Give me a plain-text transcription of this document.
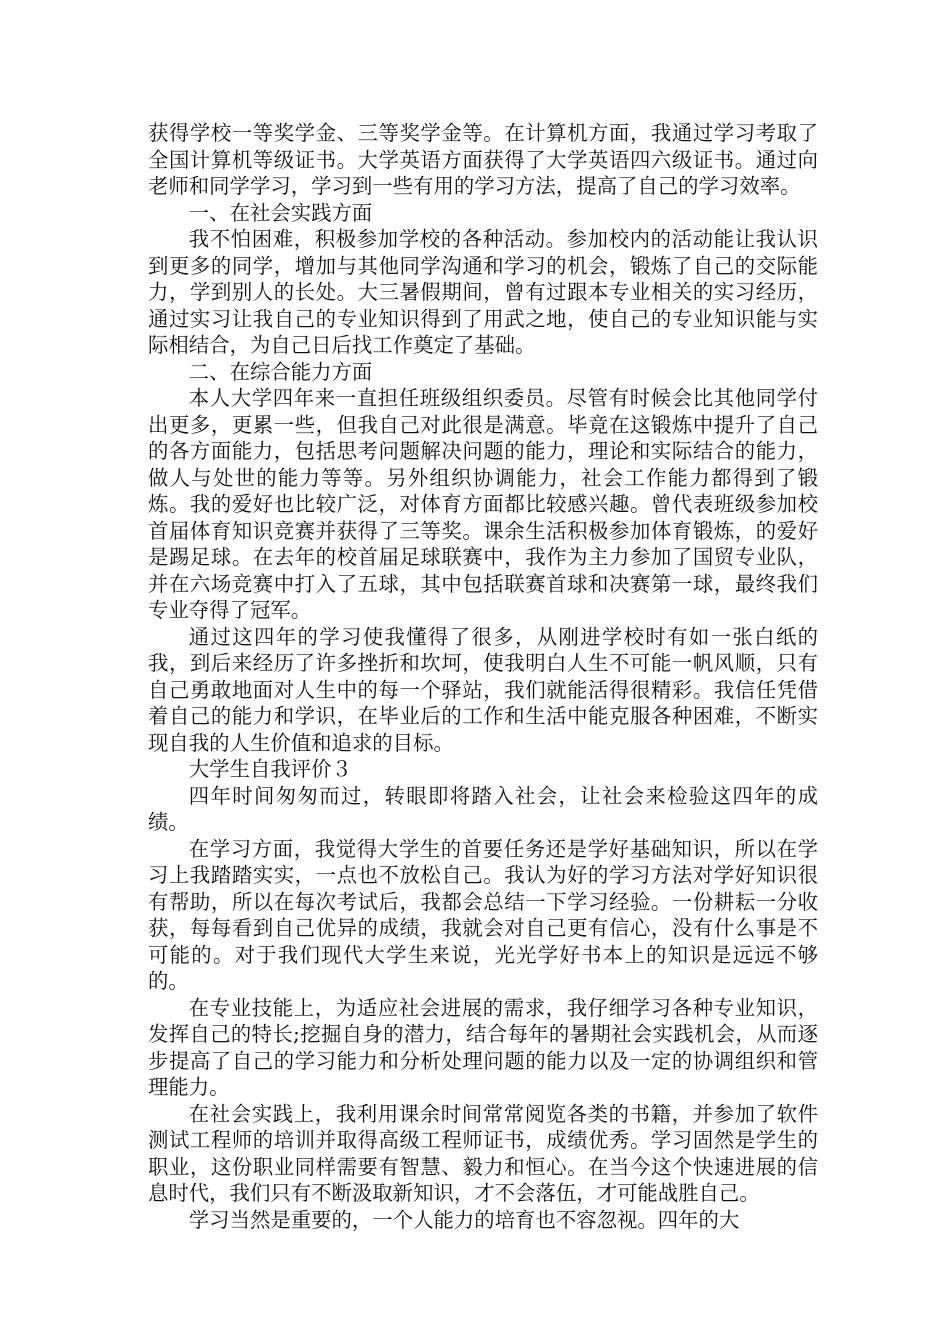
获得学校一等奖学金、三等奖学金等。在计算机方面，我通过学习考取了全国计算机等级证书。大学英语方面获得了大学英语四六级证书。通过向老师和同学学习，学习到一些有用的学习方法，提高了自己的学习效率。

一、在社会实践方面

我不怕困难，积极参加学校的各种活动。参加校内的活动能让我认识到更多的同学，增加与其他同学沟通和学习的机会，锻炼了自己的交际能力，学到别人的长处。大三暑假期间，曾有过跟本专业相关的实习经历，通过实习让我自己的专业知识得到了用武之地，使自己的专业知识能与实际相结合，为自己日后找工作奠定了基础。

二、在综合能力方面

本人大学四年来一直担任班级组织委员。尽管有时候会比其他同学付出更多，更累一些，但我自己对此很是满意。毕竟在这锻炼中提升了自己的各方面能力，包括思考问题解决问题的能力，理论和实际结合的能力，做人与处世的能力等等。另外组织协调能力，社会工作能力都得到了锻炼。我的爱好也比较广泛，对体育方面都比较感兴趣。曾代表班级参加校首届体育知识竞赛并获得了三等奖。课余生活积极参加体育锻炼，的爱好是踢足球。在去年的校首届足球联赛中，我作为主力参加了国贸专业队，并在六场竞赛中打入了五球，其中包括联赛首球和决赛第一球，最终我们专业夺得了冠军。

通过这四年的学习使我懂得了很多，从刚进学校时有如一张白纸的我，到后来经历了许多挫折和坎坷，使我明白人生不可能一帆风顺，只有自己勇敢地面对人生中的每一个驿站，我们就能活得很精彩。我信任凭借着自己的能力和学识，在毕业后的工作和生活中能克服各种困难，不断实现自我的人生价值和追求的目标。

大学生自我评价３

四年时间匆匆而过，转眼即将踏入社会，让社会来检验这四年的成绩。

在学习方面，我觉得大学生的首要任务还是学好基础知识，所以在学习上我踏踏实实，一点也不放松自己。我认为好的学习方法对学好知识很有帮助，所以在每次考试后，我都会总结一下学习经验。一份耕耘一分收获，每每看到自己优异的成绩，我就会对自己更有信心，没有什么事是不可能的。对于我们现代大学生来说，光光学好书本上的知识是远远不够的。

在专业技能上，为适应社会进展的需求，我仔细学习各种专业知识，发挥自己的特长;挖掘自身的潜力，结合每年的暑期社会实践机会，从而逐步提高了自己的学习能力和分析处理问题的能力以及一定的协调组织和管理能力。

在社会实践上，我利用课余时间常常阅览各类的书籍，并参加了软件测试工程师的培训并取得高级工程师证书，成绩优秀。学习固然是学生的职业，这份职业同样需要有智慧、毅力和恒心。在当今这个快速进展的信息时代，我们只有不断汲取新知识，才不会落伍，才可能战胜自己。

学习当然是重要的，一个人能力的培育也不容忽视。四年的大
